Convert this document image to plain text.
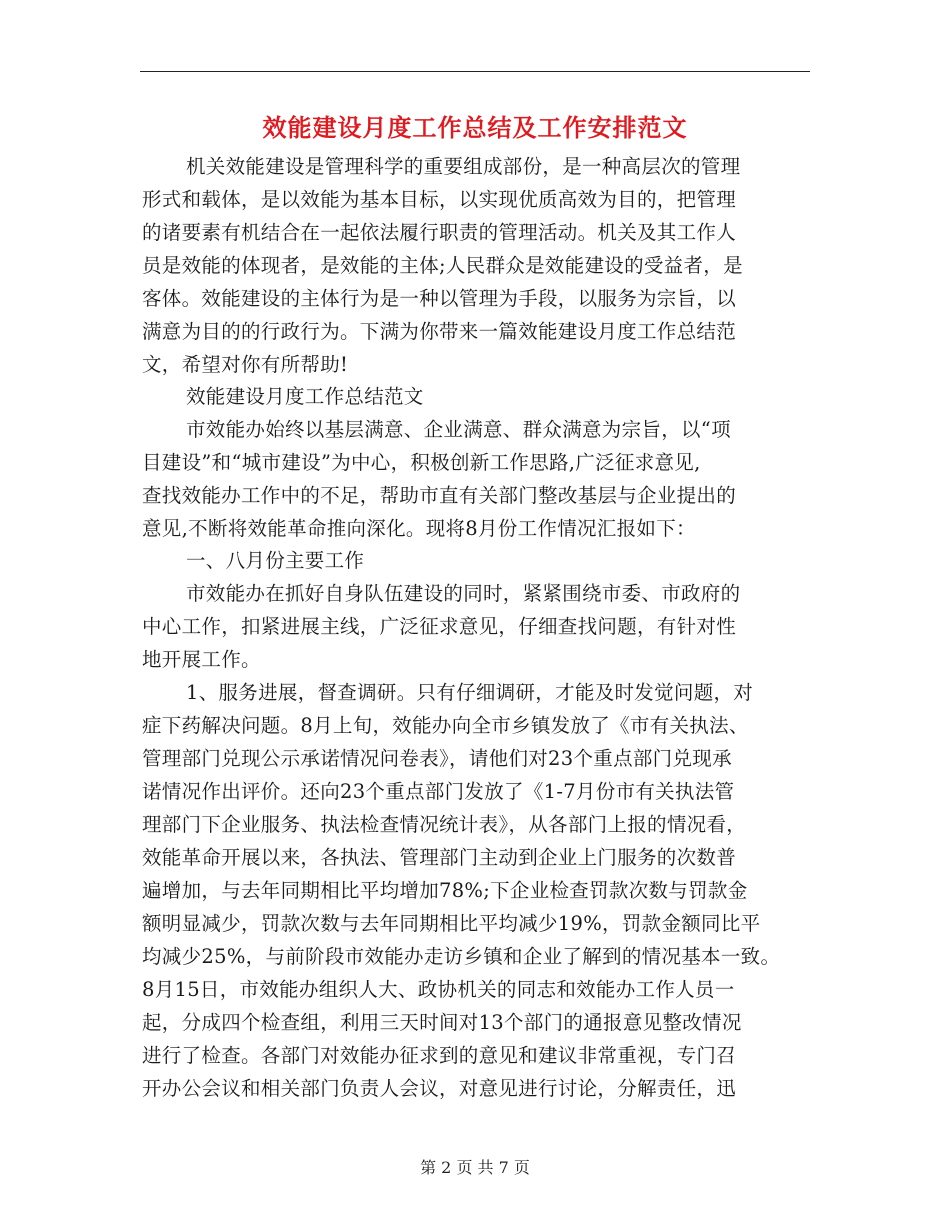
效能建设月度工作总结及工作安排范文
机关效能建设是管理科学的重要组成部份，是一种高层次的管理
形式和载体，是以效能为基本目标，以实现优质高效为目的，把管理
的诸要素有机结合在一起依法履行职责的管理活动。机关及其工作人
员是效能的体现者，是效能的主体;人民群众是效能建设的受益者，是
客体。效能建设的主体行为是一种以管理为手段，以服务为宗旨，以
满意为目的的行政行为。下满为你带来一篇效能建设月度工作总结范
文，希望对你有所帮助!
效能建设月度工作总结范文
市效能办始终以基层满意、企业满意、群众满意为宗旨，以“项
目建设”和“城市建设”为中心，积极创新工作思路,广泛征求意见,
查找效能办工作中的不足，帮助市直有关部门整改基层与企业提出的
意见,不断将效能革命推向深化。现将8月份工作情况汇报如下：
一、八月份主要工作
市效能办在抓好自身队伍建设的同时，紧紧围绕市委、市政府的
中心工作，扣紧进展主线，广泛征求意见，仔细查找问题，有针对性
地开展工作。
1、服务进展，督查调研。只有仔细调研，才能及时发觉问题，对
症下药解决问题。8月上旬，效能办向全市乡镇发放了《市有关执法、
管理部门兑现公示承诺情况问卷表》，请他们对23个重点部门兑现承
诺情况作出评价。还向23个重点部门发放了《1-7月份市有关执法管
理部门下企业服务、执法检查情况统计表》，从各部门上报的情况看，
效能革命开展以来，各执法、管理部门主动到企业上门服务的次数普
遍增加，与去年同期相比平均增加78%;下企业检查罚款次数与罚款金
额明显减少，罚款次数与去年同期相比平均减少19%，罚款金额同比平
均减少25%，与前阶段市效能办走访乡镇和企业了解到的情况基本一致。
8月15日，市效能办组织人大、政协机关的同志和效能办工作人员一
起，分成四个检查组，利用三天时间对13个部门的通报意见整改情况
进行了检查。各部门对效能办征求到的意见和建议非常重视，专门召
开办公会议和相关部门负责人会议，对意见进行讨论，分解责任，迅
第 2 页 共 7 页
